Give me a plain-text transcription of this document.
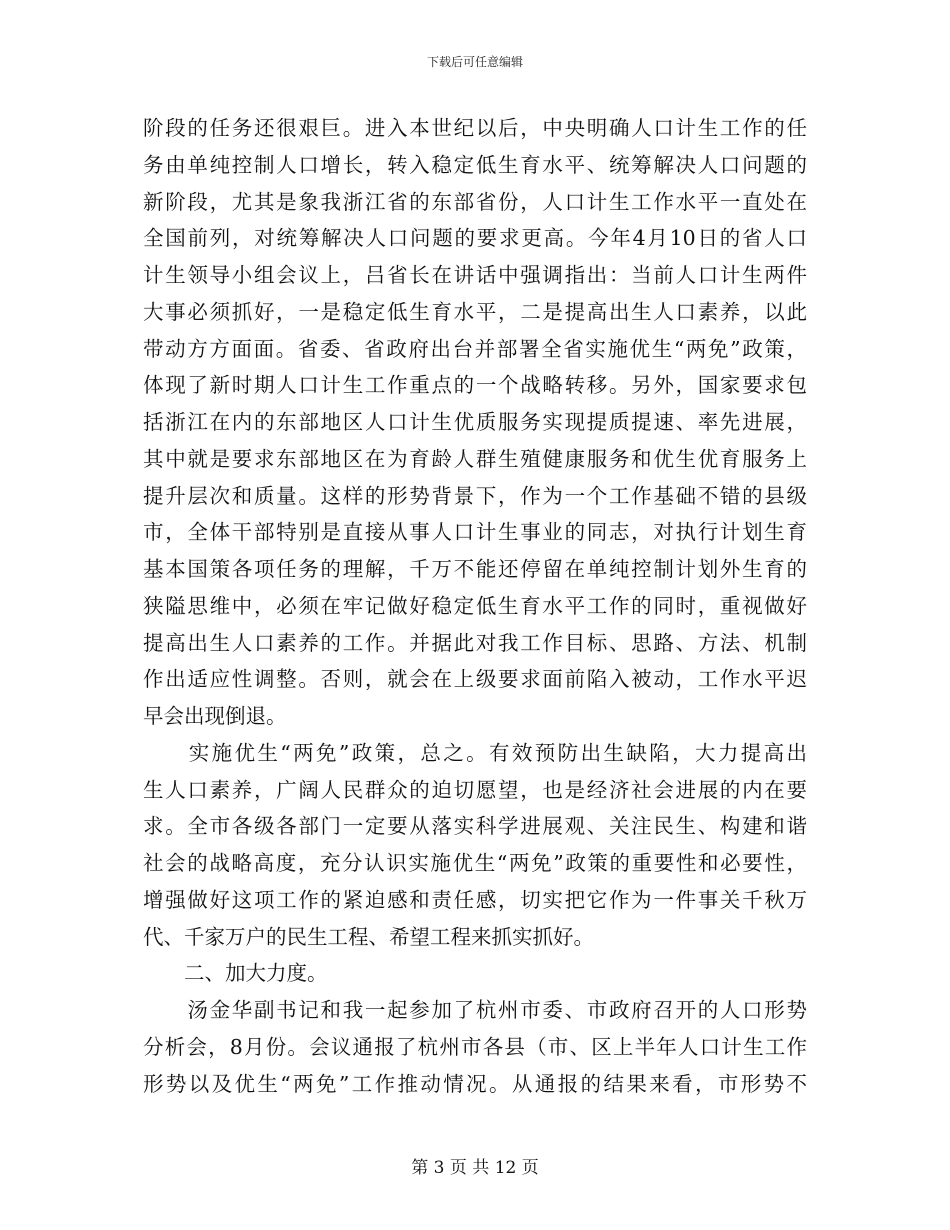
下载后可任意编辑
阶段的任务还很艰巨。进入本世纪以后，中央明确人口计生工作的任
务由单纯控制人口增长，转入稳定低生育水平、统筹解决人口问题的
新阶段，尤其是象我浙江省的东部省份，人口计生工作水平一直处在
全国前列，对统筹解决人口问题的要求更高。今年4月10日的省人口
计生领导小组会议上，吕省长在讲话中强调指出：当前人口计生两件
大事必须抓好，一是稳定低生育水平，二是提高出生人口素养，以此
带动方方面面。省委、省政府出台并部署全省实施优生“两免”政策，
体现了新时期人口计生工作重点的一个战略转移。另外，国家要求包
括浙江在内的东部地区人口计生优质服务实现提质提速、率先进展，
其中就是要求东部地区在为育龄人群生殖健康服务和优生优育服务上
提升层次和质量。这样的形势背景下，作为一个工作基础不错的县级
市，全体干部特别是直接从事人口计生事业的同志，对执行计划生育
基本国策各项任务的理解，千万不能还停留在单纯控制计划外生育的
狭隘思维中，必须在牢记做好稳定低生育水平工作的同时，重视做好
提高出生人口素养的工作。并据此对我工作目标、思路、方法、机制
作出适应性调整。否则，就会在上级要求面前陷入被动，工作水平迟
早会出现倒退。
　　实施优生“两免”政策，总之。有效预防出生缺陷，大力提高出
生人口素养，广阔人民群众的迫切愿望，也是经济社会进展的内在要
求。全市各级各部门一定要从落实科学进展观、关注民生、构建和谐
社会的战略高度，充分认识实施优生“两免”政策的重要性和必要性，
增强做好这项工作的紧迫感和责任感，切实把它作为一件事关千秋万
代、千家万户的民生工程、希望工程来抓实抓好。
　　二、加大力度。
　　汤金华副书记和我一起参加了杭州市委、市政府召开的人口形势
分析会，8月份。会议通报了杭州市各县（市、区上半年人口计生工作
形势以及优生“两免”工作推动情况。从通报的结果来看，市形势不
第 3 页 共 12 页
